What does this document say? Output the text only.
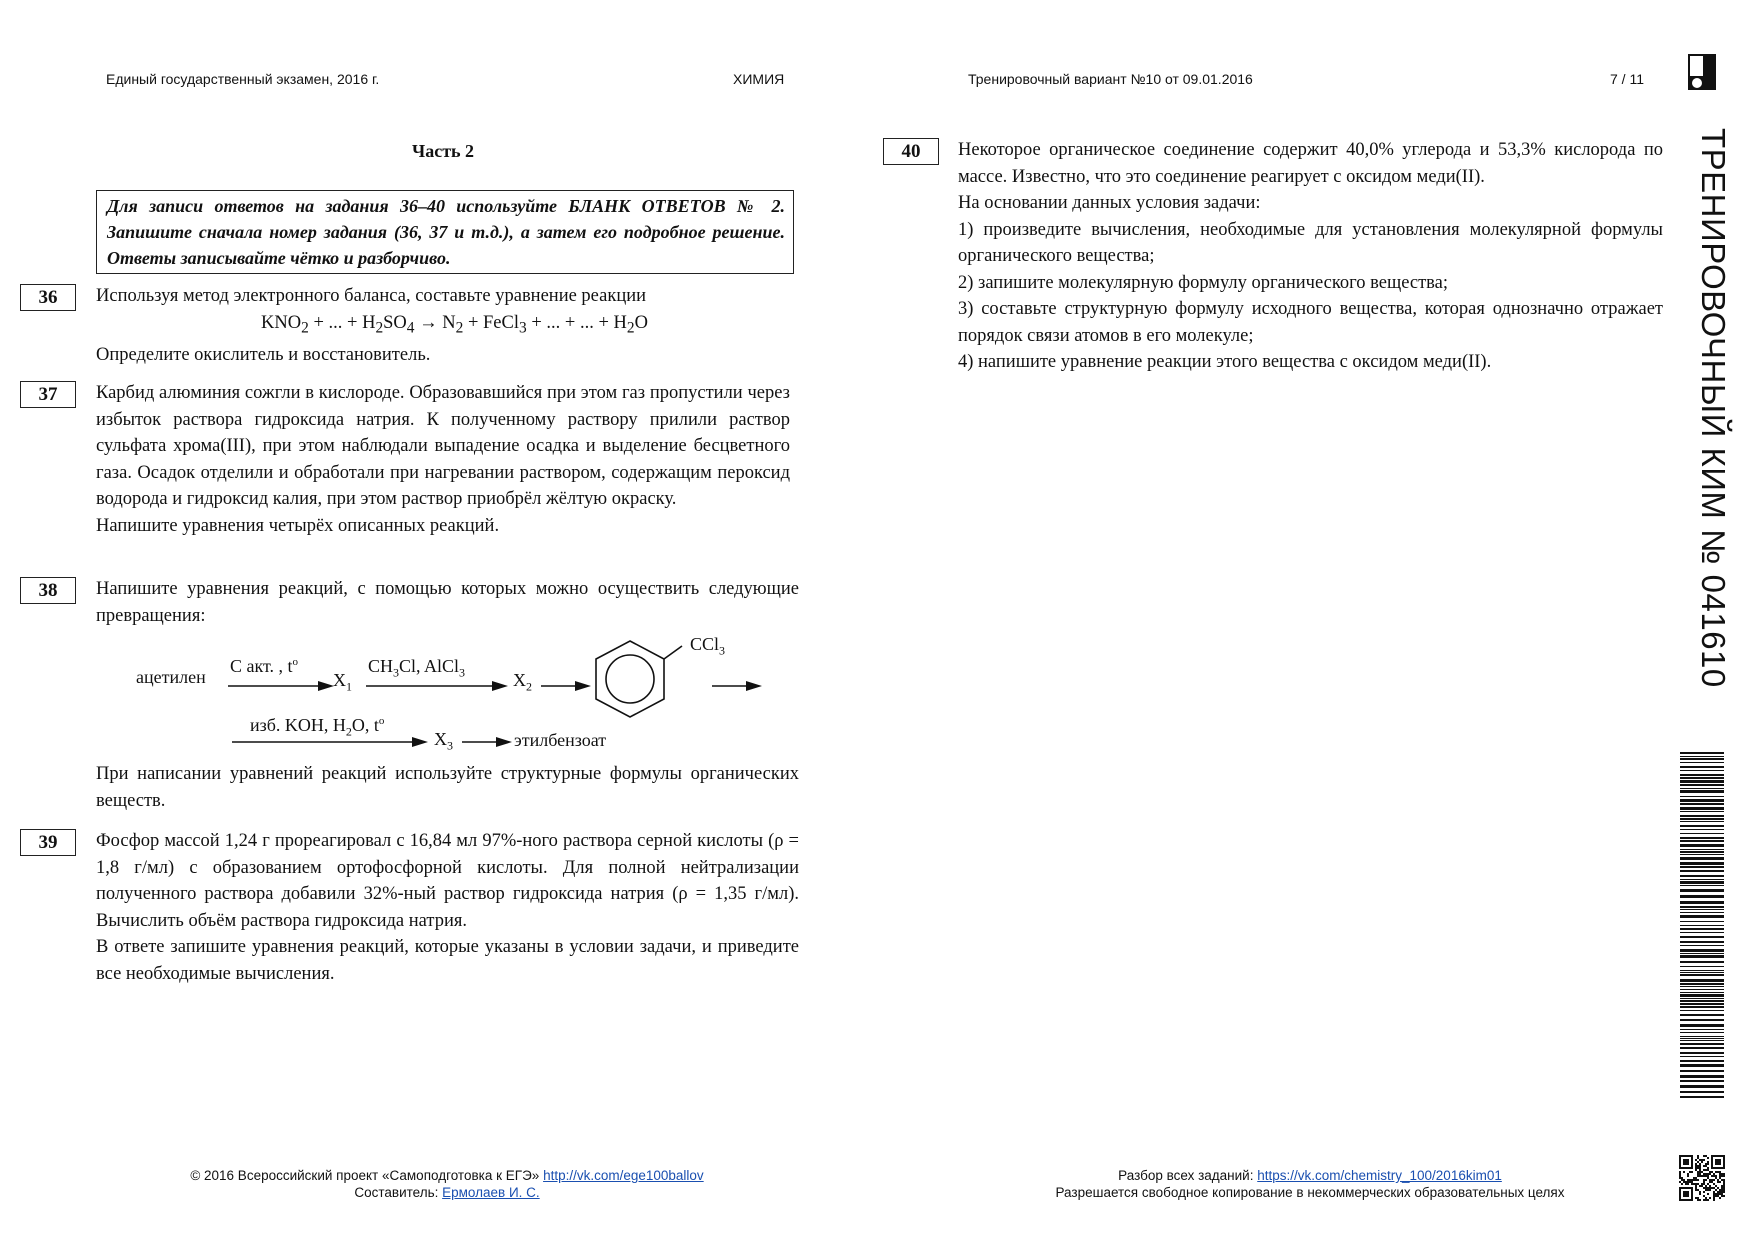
Единый государственный экзамен, 2016 г.	ХИМИЯ	Тренировочный вариант №10 от 09.01.2016	7 / 11
Часть 2
Для записи ответов на задания 36–40 используйте БЛАНК ОТВЕТОВ № 2. Запишите сначала номер задания (36, 37 и т.д.), а затем его подробное решение. Ответы записывайте чётко и разборчиво.
36	Используя метод электронного баланса, составьте уравнение реакции

$KNO_2$ + ... + $H_2SO_4 \to N_2$ + FeCl$_3$ + ... + ... + $H_2O$

Определите окислитель и восстановитель.

37	Карбид алюминия сожгли в кислороде. Образовавшийся при этом газ пропустили через избыток раствора гидроксида натрия. К полученному раствору прилили раствор сульфата хрома(III), при этом наблюдали выпадение осадка и выделение бесцветного газа. Осадок отделили и обработали при нагревании раствором, содержащим пероксид водорода и гидроксид калия, при этом раствор приобрёл жёлтую окраску.

Напишите уравнения четырёх описанных реакций.

38	Напишите уравнения реакций, с помощью которых можно осуществить следующие превращения:
ацетилен
C акт. , $t^o$
$X_1$
$CH_3Cl$, AlCl$_3$	$X_2$
CCl$_3$
изб. KOH, $H_2O$, $t^o$
$X_3$	этилбензоат
При написании уравнений реакций используйте структурные формулы органических веществ.
39	Фосфор массой 1,24 г прореагировал с 16,84 мл 97%-ного раствора серной кислоты (ρ = 1,8 г/мл) с образованием ортофосфорной кислоты. Для полной нейтрализации полученного раствора добавили 32%-ный раствор гидроксида натрия (ρ = 1,35 г/мл). Вычислить объём раствора гидроксида натрия.

В ответе запишите уравнения реакций, которые указаны в условии задачи, и приведите все необходимые вычисления.

40	Некоторое органическое соединение содержит 40,0% углерода и 53,3% кислорода по массе. Известно, что это соединение реагирует с оксидом меди(II).

На основании данных условия задачи:

1) произведите вычисления, необходимые для установления молекулярной формулы органического вещества;

2) запишите молекулярную формулу органического вещества;

3) составьте структурную формулу исходного вещества, которая однозначно отражает порядок связи атомов в его молекуле;

4) напишите уравнение реакции этого вещества с оксидом меди(II).	ТРЕНИРОВОЧНЫЙ КИМ № 041610
© 2016 Всероссийский проект «Самоподготовка к ЕГЭ» http://vk.com/ege100ballov
Составитель: Ермолаев И. С.
Разбор всех заданий: https://vk.com/chemistry_100/2016kim01
Разрешается свободное копирование в некоммерческих образовательных целях
